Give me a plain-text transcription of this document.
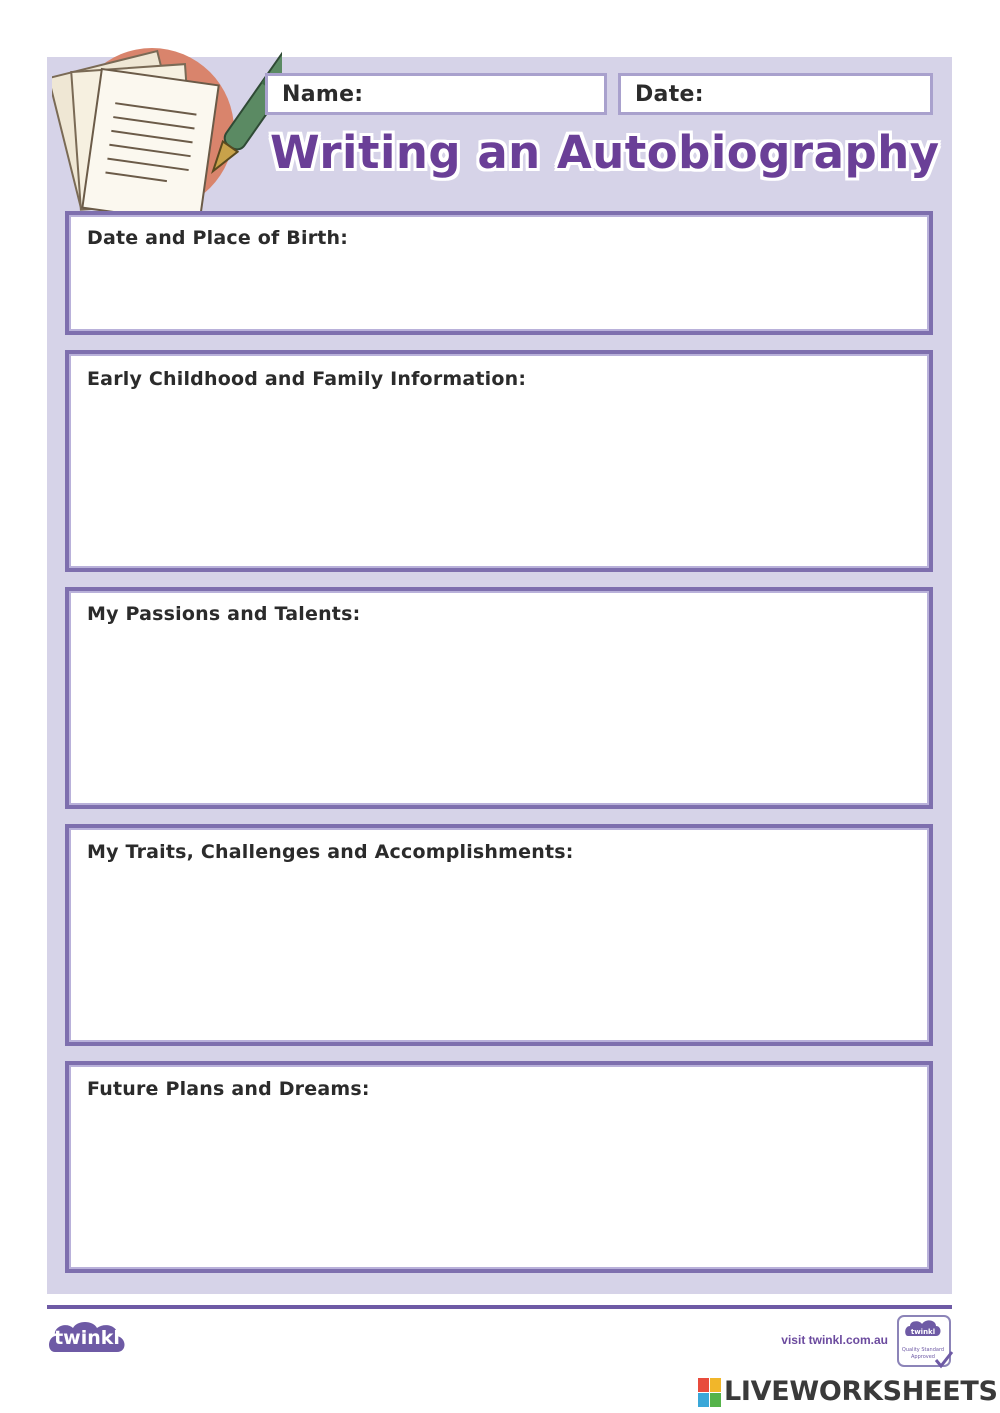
Name:	Date:
Writing an Autobiography
Date and Place of Birth:
Early Childhood and Family Information:
My Passions and Talents:
My Traits, Challenges and Accomplishments:
Future Plans and Dreams:
twinkl	visit twinkl.com.au
twinkl
Quality Standard
Approved
LIVEWORKSHEETS
